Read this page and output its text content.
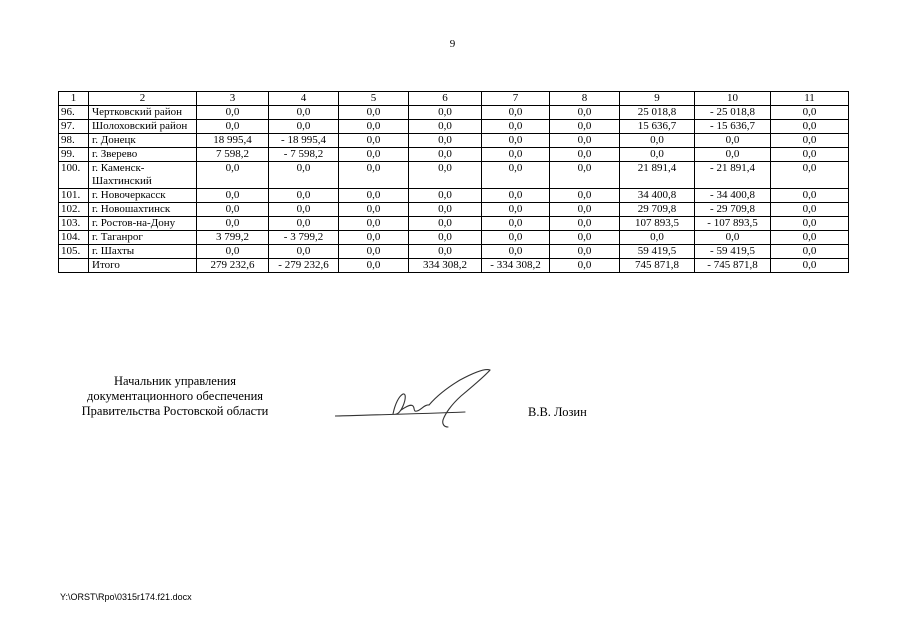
9
1	2	3	4	5	6	7	8	9	10	11
96.	Чертковский район	0,0	0,0	0,0	0,0	0,0	0,0	25 018,8	- 25 018,8	0,0
97.	Шолоховский район	0,0	0,0	0,0	0,0	0,0	0,0	15 636,7	- 15 636,7	0,0
98.	г. Донецк	18 995,4	- 18 995,4	0,0	0,0	0,0	0,0	0,0	0,0	0,0
99.	г. Зверево	7 598,2	- 7 598,2	0,0	0,0	0,0	0,0	0,0	0,0	0,0
100.	г. Каменск-Шахтинский	0,0	0,0	0,0	0,0	0,0	0,0	21 891,4	- 21 891,4	0,0
101.	г. Новочеркасск	0,0	0,0	0,0	0,0	0,0	0,0	34 400,8	- 34 400,8	0,0
102.	г. Новошахтинск	0,0	0,0	0,0	0,0	0,0	0,0	29 709,8	- 29 709,8	0,0
103.	г. Ростов-на-Дону	0,0	0,0	0,0	0,0	0,0	0,0	107 893,5	- 107 893,5	0,0
104.	г. Таганрог	3 799,2	- 3 799,2	0,0	0,0	0,0	0,0	0,0	0,0	0,0
105.	г. Шахты	0,0	0,0	0,0	0,0	0,0	0,0	59 419,5	- 59 419,5	0,0
	Итого	279 232,6	- 279 232,6	0,0	334 308,2	- 334 308,2	0,0	745 871,8	- 745 871,8	0,0
Начальник управления
документационного обеспечения
Правительства Ростовской области	В.В. Лозин
Y:\ORST\Rpo\0315r174.f21.docx
